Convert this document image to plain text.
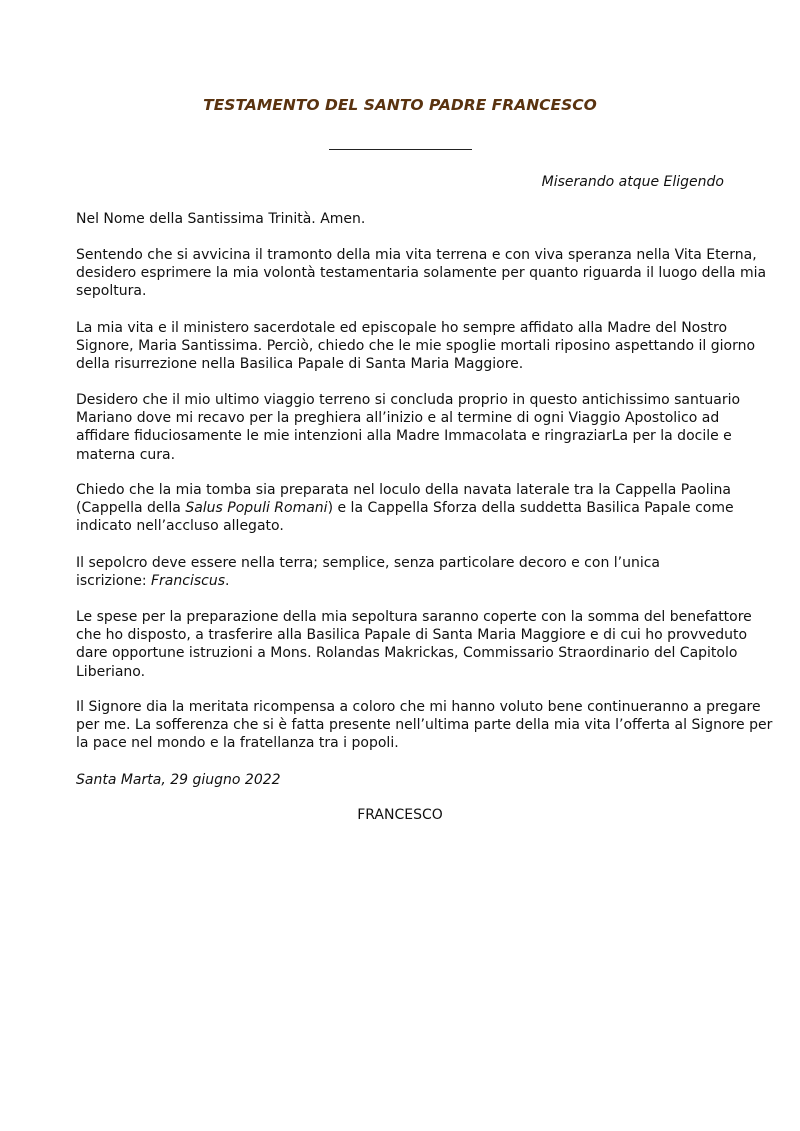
TESTAMENTO DEL SANTO PADRE FRANCESCO
Miserando atque Eligendo
Nel Nome della Santissima Trinità. Amen.
Sentendo che si avvicina il tramonto della mia vita terrena e con viva speranza nella Vita Eterna,
desidero esprimere la mia volontà testamentaria solamente per quanto riguarda il luogo della mia
sepoltura.
La mia vita e il ministero sacerdotale ed episcopale ho sempre affidato alla Madre del Nostro
Signore, Maria Santissima. Perciò, chiedo che le mie spoglie mortali riposino aspettando il giorno
della risurrezione nella Basilica Papale di Santa Maria Maggiore.
Desidero che il mio ultimo viaggio terreno si concluda proprio in questo antichissimo santuario
Mariano dove mi recavo per la preghiera all’inizio e al termine di ogni Viaggio Apostolico ad
affidare fiduciosamente le mie intenzioni alla Madre Immacolata e ringraziarLa per la docile e
materna cura.
Chiedo che la mia tomba sia preparata nel loculo della navata laterale tra la Cappella Paolina
(Cappella della Salus Populi Romani) e la Cappella Sforza della suddetta Basilica Papale come
indicato nell’accluso allegato.
Il sepolcro deve essere nella terra; semplice, senza particolare decoro e con l’unica
iscrizione: Franciscus.
Le spese per la preparazione della mia sepoltura saranno coperte con la somma del benefattore
che ho disposto, a trasferire alla Basilica Papale di Santa Maria Maggiore e di cui ho provveduto
dare opportune istruzioni a Mons. Rolandas Makrickas, Commissario Straordinario del Capitolo
Liberiano.
Il Signore dia la meritata ricompensa a coloro che mi hanno voluto bene continueranno a pregare
per me. La sofferenza che si è fatta presente nell’ultima parte della mia vita l’offerta al Signore per
la pace nel mondo e la fratellanza tra i popoli.
Santa Marta, 29 giugno 2022
FRANCESCO
